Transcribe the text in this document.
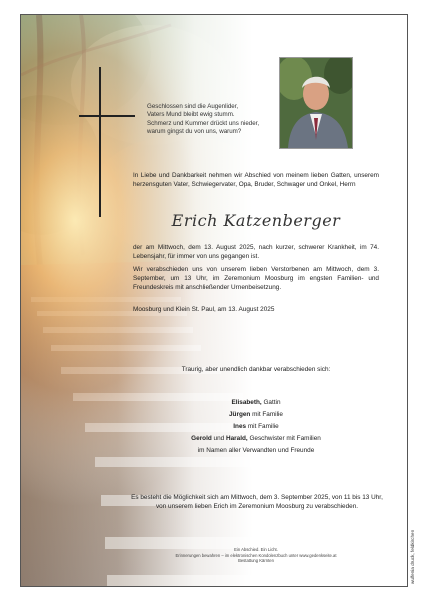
Geschlossen sind die Augenlider,
Vaters Mund bleibt ewig stumm.
Schmerz und Kummer drückt uns nieder,
warum gingst du von uns, warum?
In Liebe und Dankbarkeit nehmen wir Abschied von meinem lieben Gatten, unserem herzensguten Vater, Schwiegervater, Opa, Bruder, Schwager und Onkel, Herrn
Erich Katzenberger
der am Mittwoch, dem 13. August 2025, nach kurzer, schwerer Krankheit, im 74. Lebensjahr, für immer von uns gegangen ist.
Wir verabschieden uns von unserem lieben Verstorbenen am Mittwoch, dem 3. September, um 13 Uhr, im Zeremonium Moosburg im engsten Familien- und Freundeskreis mit anschließender Urnenbeisetzung.
Moosburg und Klein St. Paul, am 13. August 2025
Traurig, aber unendlich dankbar verabschieden sich:
Elisabeth, Gattin
Jürgen mit Familie
Ines mit Familie
Gerold und Harald, Geschwister mit Familien
im Namen aller Verwandten und Freunde
Es besteht die Möglichkeit sich am Mittwoch, dem 3. September 2025, von 11 bis 13 Uhr, von unserem lieben Erich im Zeremonium Moosburg zu verabschieden.
Ein Abschied. Ein Licht.
Erinnerungen bewahren – im elektronischen Kondolenzbuch unter www.gedenkseite.at
Bestattung Kärnten	wulfenia druck, feldkirchen
